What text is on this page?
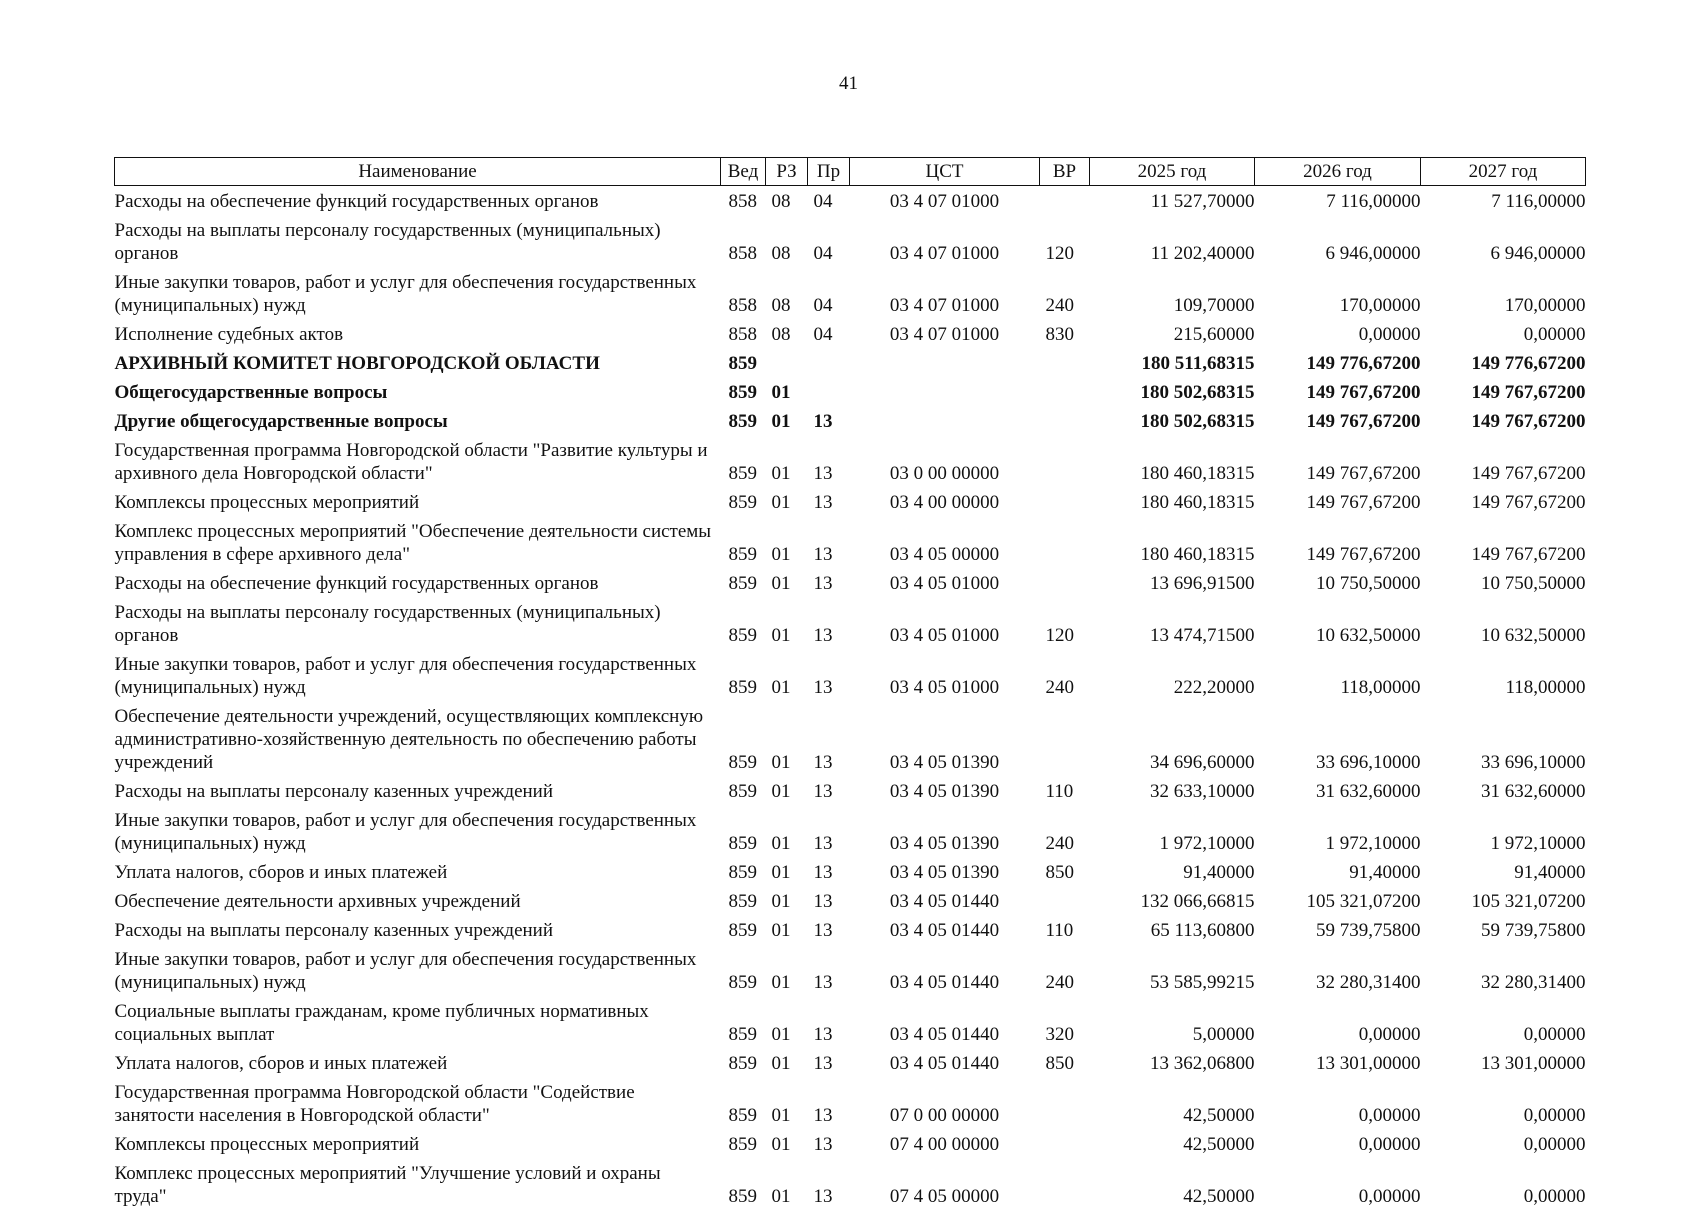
41
Наименование	Вед	РЗ	Пр	ЦСТ	ВР	2025 год	2026 год	2027 год
Расходы на обеспечение функций государственных органов	858	08	04	03 4 07 01000		11 527,70000	7 116,00000	7 116,00000
Расходы на выплаты персоналу государственных (муниципальных) органов	858	08	04	03 4 07 01000	120	11 202,40000	6 946,00000	6 946,00000
Иные закупки товаров, работ и услуг для обеспечения государственных (муниципальных) нужд	858	08	04	03 4 07 01000	240	109,70000	170,00000	170,00000
Исполнение судебных актов	858	08	04	03 4 07 01000	830	215,60000	0,00000	0,00000
АРХИВНЫЙ КОМИТЕТ НОВГОРОДСКОЙ ОБЛАСТИ	859					180 511,68315	149 776,67200	149 776,67200
Общегосударственные вопросы	859	01				180 502,68315	149 767,67200	149 767,67200
Другие общегосударственные вопросы	859	01	13			180 502,68315	149 767,67200	149 767,67200
Государственная программа Новгородской области "Развитие культуры и архивного дела Новгородской области"	859	01	13	03 0 00 00000		180 460,18315	149 767,67200	149 767,67200
Комплексы процессных мероприятий	859	01	13	03 4 00 00000		180 460,18315	149 767,67200	149 767,67200
Комплекс процессных мероприятий "Обеспечение деятельности системы управления в сфере архивного дела"	859	01	13	03 4 05 00000		180 460,18315	149 767,67200	149 767,67200
Расходы на обеспечение функций государственных органов	859	01	13	03 4 05 01000		13 696,91500	10 750,50000	10 750,50000
Расходы на выплаты персоналу государственных (муниципальных) органов	859	01	13	03 4 05 01000	120	13 474,71500	10 632,50000	10 632,50000
Иные закупки товаров, работ и услуг для обеспечения государственных (муниципальных) нужд	859	01	13	03 4 05 01000	240	222,20000	118,00000	118,00000
Обеспечение деятельности учреждений, осуществляющих комплексную административно-хозяйственную деятельность по обеспечению работы учреждений	859	01	13	03 4 05 01390		34 696,60000	33 696,10000	33 696,10000
Расходы на выплаты персоналу казенных учреждений	859	01	13	03 4 05 01390	110	32 633,10000	31 632,60000	31 632,60000
Иные закупки товаров, работ и услуг для обеспечения государственных (муниципальных) нужд	859	01	13	03 4 05 01390	240	1 972,10000	1 972,10000	1 972,10000
Уплата налогов, сборов и иных платежей	859	01	13	03 4 05 01390	850	91,40000	91,40000	91,40000
Обеспечение деятельности архивных учреждений	859	01	13	03 4 05 01440		132 066,66815	105 321,07200	105 321,07200
Расходы на выплаты персоналу казенных учреждений	859	01	13	03 4 05 01440	110	65 113,60800	59 739,75800	59 739,75800
Иные закупки товаров, работ и услуг для обеспечения государственных (муниципальных) нужд	859	01	13	03 4 05 01440	240	53 585,99215	32 280,31400	32 280,31400
Социальные выплаты гражданам, кроме публичных нормативных социальных выплат	859	01	13	03 4 05 01440	320	5,00000	0,00000	0,00000
Уплата налогов, сборов и иных платежей	859	01	13	03 4 05 01440	850	13 362,06800	13 301,00000	13 301,00000
Государственная программа Новгородской области "Содействие занятости населения в Новгородской области"	859	01	13	07 0 00 00000		42,50000	0,00000	0,00000
Комплексы процессных мероприятий	859	01	13	07 4 00 00000		42,50000	0,00000	0,00000
Комплекс процессных мероприятий "Улучшение условий и охраны труда"	859	01	13	07 4 05 00000		42,50000	0,00000	0,00000
